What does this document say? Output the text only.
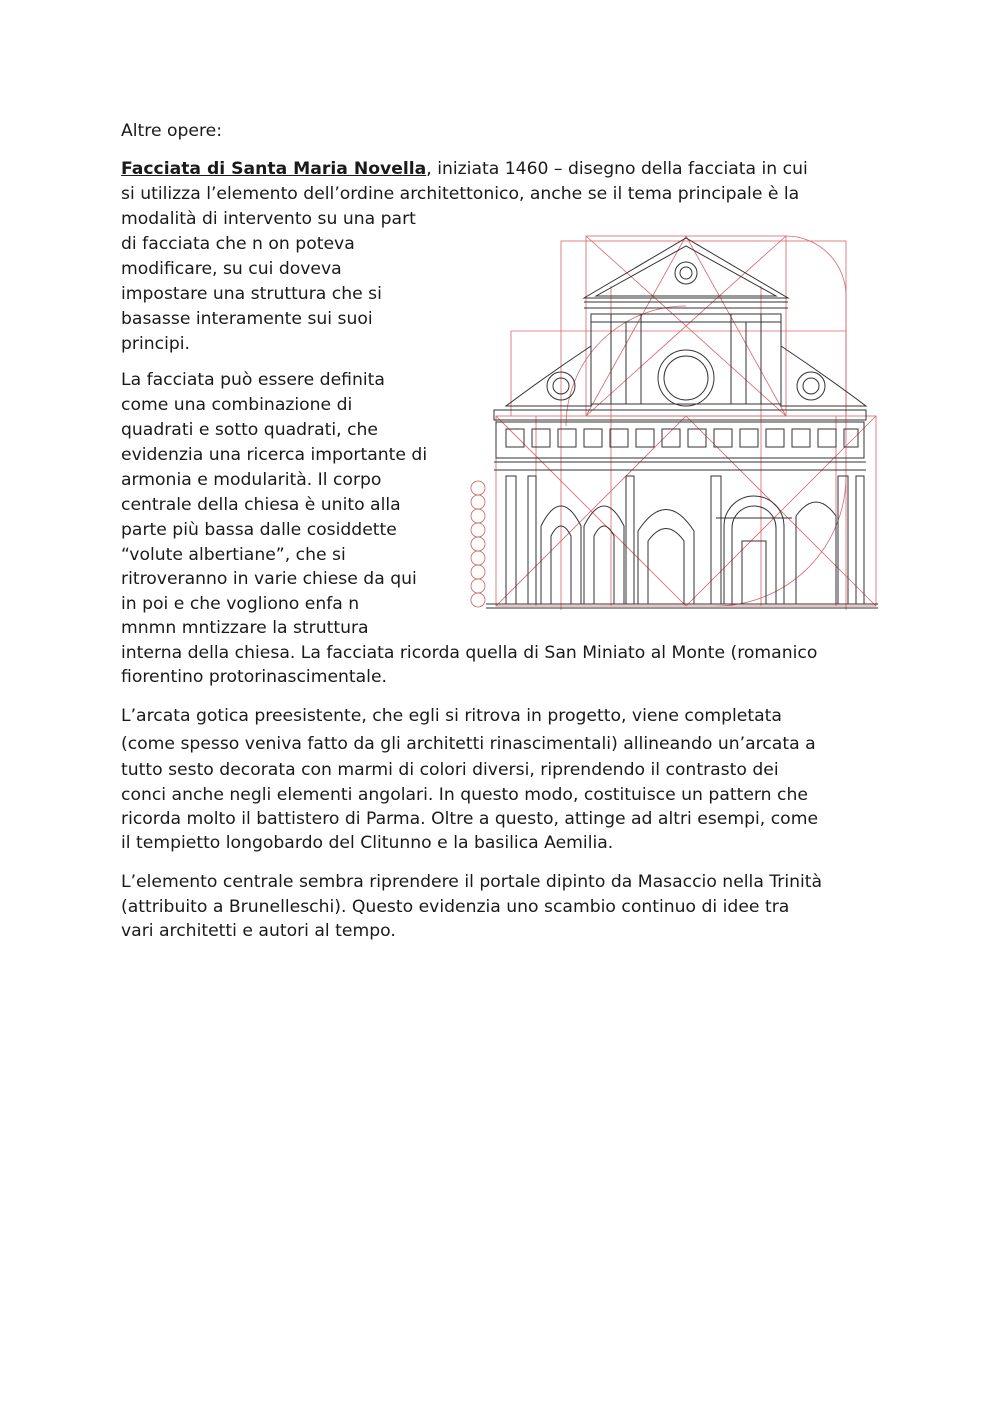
Altre opere:
Facciata di Santa Maria Novella, iniziata 1460 – disegno della facciata in cui
si utilizza l’elemento dell’ordine architettonico, anche se il tema principale è la
modalità di intervento su una part
di facciata che n on poteva
modificare, su cui doveva
impostare una struttura che si
basasse interamente sui suoi
principi.
La facciata può essere definita
come una combinazione di
quadrati e sotto quadrati, che
evidenzia una ricerca importante di
armonia e modularità. Il corpo
centrale della chiesa è unito alla
parte più bassa dalle cosiddette
“volute albertiane”, che si
ritroveranno in varie chiese da qui
in poi e che vogliono enfa n
mnmn mntizzare la struttura
interna della chiesa. La facciata ricorda quella di San Miniato al Monte (romanico
fiorentino protorinascimentale.
L’arcata gotica preesistente, che egli si ritrova in progetto, viene completata
(come spesso veniva fatto da gli architetti rinascimentali) allineando un’arcata a
tutto sesto decorata con marmi di colori diversi, riprendendo il contrasto dei
conci anche negli elementi angolari. In questo modo, costituisce un pattern che
ricorda molto il battistero di Parma. Oltre a questo, attinge ad altri esempi, come
il tempietto longobardo del Clitunno e la basilica Aemilia.
L’elemento centrale sembra riprendere il portale dipinto da Masaccio nella Trinità
(attribuito a Brunelleschi). Questo evidenzia uno scambio continuo di idee tra
vari architetti e autori al tempo.
